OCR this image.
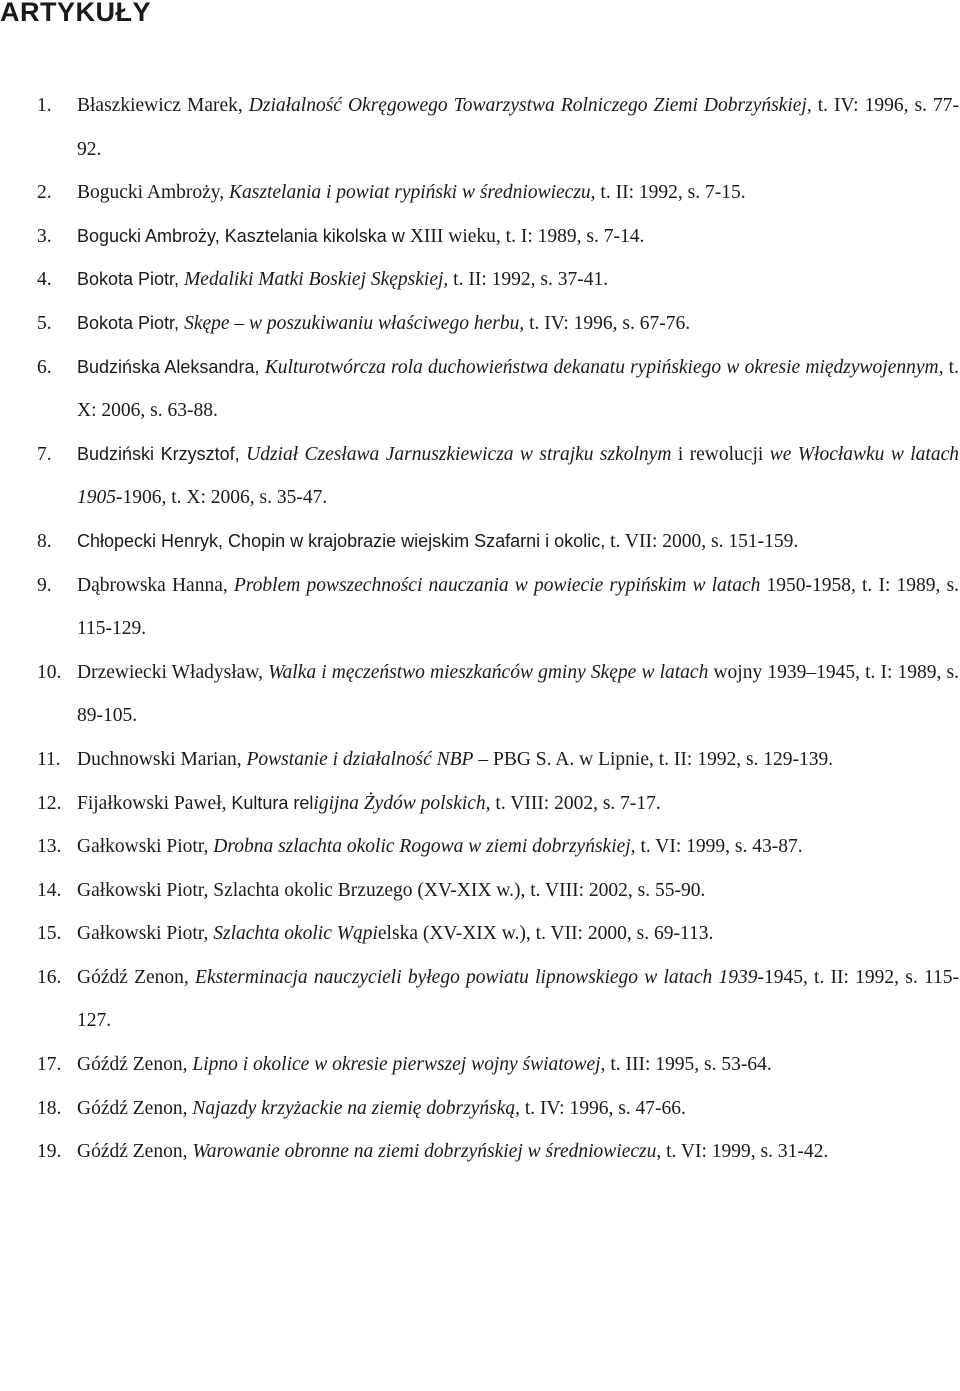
ARTYKUŁY
1. Błaszkiewicz Marek, Działalność Okręgowego Towarzystwa Rolniczego Ziemi Dobrzyńskiej, t. IV: 1996, s. 77-92.
2. Bogucki Ambroży, Kasztelania i powiat rypiński w średniowieczu, t. II: 1992, s. 7-15.
3. Bogucki Ambroży, Kasztelania kikolska w XIII wieku, t. I: 1989, s. 7-14.
4. Bokota Piotr, Medaliki Matki Boskiej Skępskiej, t. II: 1992, s. 37-41.
5. Bokota Piotr, Skępe – w poszukiwaniu właściwego herbu, t. IV: 1996, s. 67-76.
6. Budzińska Aleksandra, Kulturotwórcza rola duchowieństwa dekanatu rypińskiego w okresie międzywojennym, t. X: 2006, s. 63-88.
7. Budziński Krzysztof, Udział Czesława Jarnuszkiewicza w strajku szkolnym i rewolucji we Włocławku w latach 1905-1906, t. X: 2006, s. 35-47.
8. Chłopecki Henryk, Chopin w krajobrazie wiejskim Szafarni i okolic, t. VII: 2000, s. 151-159.
9. Dąbrowska Hanna, Problem powszechności nauczania w powiecie rypińskim w latach 1950-1958, t. I: 1989, s. 115-129.
10. Drzewiecki Władysław, Walka i męczeństwo mieszkańców gminy Skępe w latach wojny 1939–1945, t. I: 1989, s. 89-105.
11. Duchnowski Marian, Powstanie i działalność NBP – PBG S. A. w Lipnie, t. II: 1992, s. 129-139.
12. Fijałkowski Paweł, Kultura religijna Żydów polskich, t. VIII: 2002, s. 7-17.
13. Gałkowski Piotr, Drobna szlachta okolic Rogowa w ziemi dobrzyńskiej, t. VI: 1999, s. 43-87.
14. Gałkowski Piotr, Szlachta okolic Brzuzego (XV-XIX w.), t. VIII: 2002, s. 55-90.
15. Gałkowski Piotr, Szlachta okolic Wąpielska (XV-XIX w.), t. VII: 2000, s. 69-113.
16. Góźdź Zenon, Eksterminacja nauczycieli byłego powiatu lipnowskiego w latach 1939-1945, t. II: 1992, s. 115-127.
17. Góźdź Zenon, Lipno i okolice w okresie pierwszej wojny światowej, t. III: 1995, s. 53-64.
18. Góźdź Zenon, Najazdy krzyżackie na ziemię dobrzyńską, t. IV: 1996, s. 47-66.
19. Góźdź Zenon, Warowanie obronne na ziemi dobrzyńskiej w średniowieczu, t. VI: 1999, s. 31-42.
